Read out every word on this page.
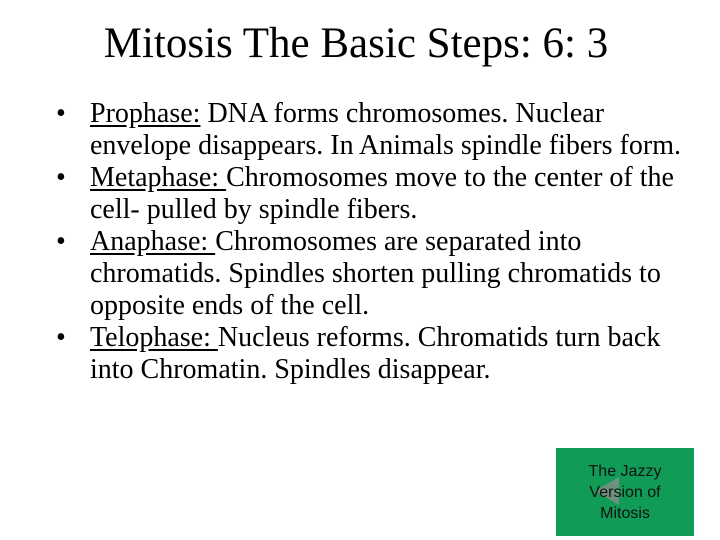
Mitosis The Basic Steps: 6: 3
• Prophase: DNA forms chromosomes. Nuclear envelope disappears. In Animals spindle fibers form.
• Metaphase: Chromosomes move to the center of the cell- pulled by spindle fibers.
• Anaphase: Chromosomes are separated into chromatids. Spindles shorten pulling chromatids to opposite ends of the cell.
• Telophase: Nucleus reforms. Chromatids turn back into Chromatin. Spindles disappear.
The Jazzy
Version of
Mitosis
